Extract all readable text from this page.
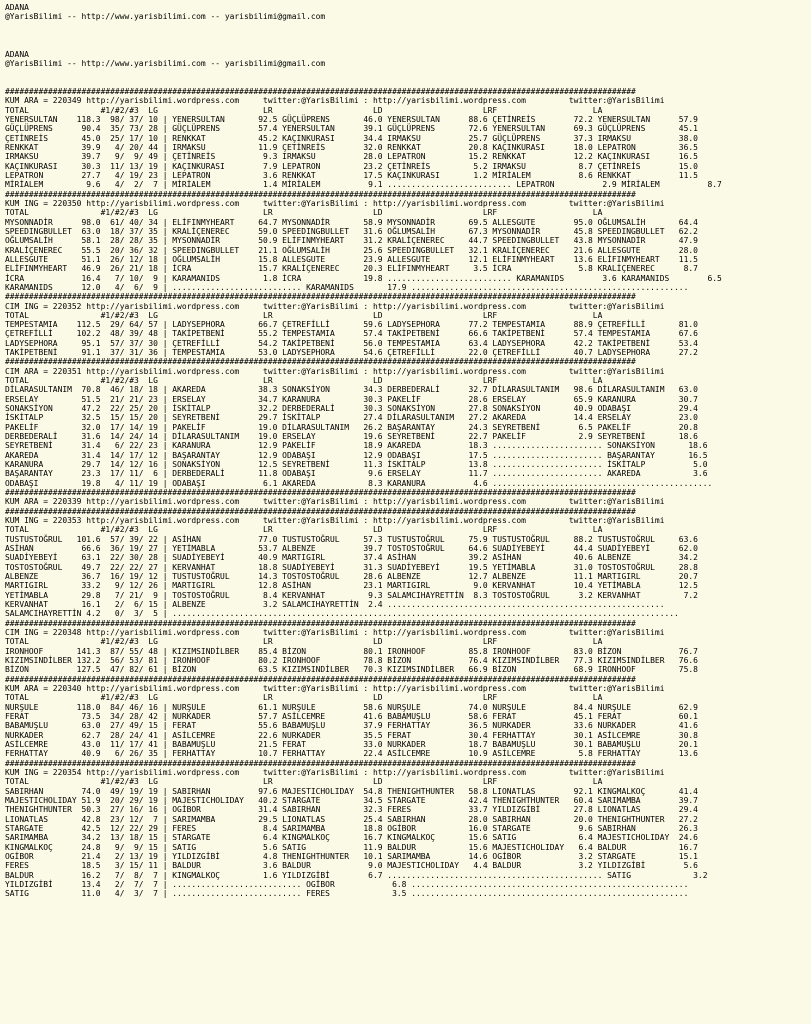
ADANA
@YarisBilimi -- http://www.yarisbilimi.com -- yarisbilimi@gmail.com

ADANA
@YarisBilimi -- http://www.yarisbilimi.com -- yarisbilimi@gmail.com

####################################################################################################################################
KUM ARA = 220349 http://yarisbilimi.wordpress.com     twitter:@YarisBilimi : http://yarisbilimi.wordpress.com         twitter:@YarisBilimi
TOTAL               #1/#2/#3  LG                      LR                     LD                     LRF                    LA
YENERSULTAN    118.3  98/ 37/ 10 | YENERSULTAN       92.5 GÜÇLÜPRENS       46.0 YENERSULTAN      88.6 ÇETİNREİS        72.2 YENERSULTAN      57.9
GÜÇLÜPRENS      90.4  35/ 73/ 28 | GÜÇLÜPRENS        57.4 YENERSULTAN      39.1 GÜÇLÜPRENS       72.6 YENERSULTAN      69.3 GÜÇLÜPRENS       45.1
ÇETİNREİS       45.0  25/ 17/ 10 | RENKKAT           45.2 KAÇINKURASI      34.4 IRMAKSU          25.7 GÜÇLÜPRENS       37.3 IRMAKSU          38.0
RENKKAT         39.9   4/ 20/ 44 | IRMAKSU           11.9 ÇETİNREİS        32.0 RENKKAT          20.8 KAÇINKURASI      18.0 LEPATRON         36.5
IRMAKSU         39.7   9/  9/ 49 | ÇETİNREİS          9.3 IRMAKSU          28.0 LEPATRON         15.2 RENKKAT          12.2 KAÇINKURASI      16.5
KAÇINKURASI     30.3  11/ 13/ 19 | KAÇINKURASI        7.9 LEPATRON         23.2 ÇETİNREİS         5.2 IRMAKSU           8.7 ÇETİNREİS        15.0
LEPATRON        27.7   4/ 19/ 23 | LEPATRON           3.6 RENKKAT          17.5 KAÇINKURASI       1.2 MİRİALEM          8.6 RENKKAT          11.5
MİRİALEM         9.6   4/  2/  7 | MİRİALEM           1.4 MİRİALEM          9.1 .......................... LEPATRON          2.9 MİRİALEM          8.7
####################################################################################################################################
KUM ING = 220350 http://yarisbilimi.wordpress.com     twitter:@YarisBilimi : http://yarisbilimi.wordpress.com         twitter:@YarisBilimi
TOTAL               #1/#2/#3  LG                      LR                     LD                     LRF                    LA
MYSONNADİR      98.0  61/ 40/ 34 | ELİFINMYHEART     64.7 MYSONNADİR       58.9 MYSONNADİR       69.5 ALLESGUTE        95.0 OĞLUMSALİH       64.4
SPEEDINGBULLET  63.0  18/ 37/ 35 | KRALİÇENEREC      59.0 SPEEDINGBULLET   31.6 OĞLUMSALİH       67.3 MYSONNADİR       45.8 SPEEDINGBULLET   62.2
OĞLUMSALİH      58.1  28/ 28/ 35 | MYSONNADİR        50.9 ELİFINMYHEART    31.2 KRALİÇENEREC     44.7 SPEEDINGBULLET   43.8 MYSONNADİR       47.9
KRALİÇENEREC    55.5  20/ 36/ 32 | SPEEDINGBULLET    21.1 OĞLUMSALİH       25.6 SPEEDINGBULLET   32.1 KRALİÇENEREC     21.6 ALLESGUTE        28.0
ALLESGUTE       51.1  26/ 12/ 18 | OĞLUMSALİH        15.8 ALLESGUTE        23.9 ALLESGUTE        12.1 ELİFINMYHEART    13.6 ELİFINMYHEART    11.5
ELİFINMYHEART   46.9  26/ 21/ 18 | İCRA              15.7 KRALİÇENEREC     20.3 ELİFINMYHEART     3.5 İCRA              5.8 KRALİÇENEREC      8.7
İCRA            16.4   7/ 10/  9 | KARAMANIDS         1.8 İCRA             19.8 .......................... KARAMANIDS        3.6 KARAMANIDS        6.5
KARAMANIDS      12.0   4/  6/  9 | ........................... KARAMANIDS       17.9 ..........................................................
####################################################################################################################################
CIM ING = 220352 http://yarisbilimi.wordpress.com     twitter:@YarisBilimi : http://yarisbilimi.wordpress.com         twitter:@YarisBilimi
TOTAL               #1/#2/#3  LG                      LR                     LD                     LRF                    LA
TEMPESTAMIA    112.5  29/ 64/ 57 | LADYSEPHORA       66.7 ÇETREFİLLİ       59.6 LADYSEPHORA      77.2 TEMPESTAMIA      88.9 ÇETREFİLLİ       81.0
ÇETREFİLLİ     102.2  48/ 39/ 48 | TAKİPETBENİ       55.2 TEMPESTAMIA      57.4 TAKİPETBENİ      66.6 TAKİPETBENİ      57.4 TEMPESTAMIA      67.6
LADYSEPHORA     95.1  57/ 37/ 30 | ÇETREFİLLİ        54.2 TAKİPETBENİ      56.0 TEMPESTAMIA      63.4 LADYSEPHORA      42.2 TAKİPETBENİ      53.4
TAKİPETBENİ     91.1  37/ 31/ 36 | TEMPESTAMIA       53.0 LADYSEPHORA      54.6 ÇETREFİLLİ       22.0 ÇETREFİLLİ       40.7 LADYSEPHORA      27.2
####################################################################################################################################
CIM ARA = 220351 http://yarisbilimi.wordpress.com     twitter:@YarisBilimi : http://yarisbilimi.wordpress.com         twitter:@YarisBilimi
TOTAL               #1/#2/#3  LG                      LR                     LD                     LRF                    LA
DİLARASULTANIM  70.8  46/ 18/ 18 | AKAREDA           38.3 SONAKSİYON       34.3 DERBEDERALİ      32.7 DİLARASULTANIM   98.6 DİLARASULTANIM   63.0
ERSELAY         51.5  21/ 21/ 23 | ERSELAY           34.7 KARANURA         30.3 PAKELİF          28.6 ERSELAY          65.9 KARANURA         30.7
SONAKSİYON      47.2  22/ 25/ 20 | İSKİTALP          32.2 DERBEDERALİ      30.3 SONAKSİYON       27.8 SONAKSİYON       40.9 ODABAŞI          29.4
İSKİTALP        32.5  15/ 15/ 20 | SEYRETBENİ        29.7 İSKİTALP         27.4 DİLARASULTANIM   27.2 AKAREDA          14.4 ERSELAY          23.0
PAKELİF         32.0  17/ 14/ 19 | PAKELİF           19.0 DİLARASULTANIM   26.2 BAŞARANTAY       24.3 SEYRETBENİ        6.5 PAKELİF          20.8
DERBEDERALİ     31.6  14/ 24/ 14 | DİLARASULTANIM    19.0 ERSELAY          19.6 SEYRETBENİ       22.7 PAKELİF           2.9 SEYRETBENİ       18.6
SEYRETBENİ      31.4   6/ 22/ 23 | KARANURA          12.9 PAKELİF          18.9 AKAREDA          18.3 ....................... SONAKSİYON       18.6
AKAREDA         31.4  14/ 17/ 12 | BAŞARANTAY        12.9 ODABAŞI          12.9 ODABAŞI          17.5 ....................... BAŞARANTAY       16.5
KARANURA        29.7  14/ 12/ 16 | SONAKSİYON        12.5 SEYRETBENİ       11.3 İSKİTALP         13.8 ....................... İSKİTALP          5.0
BAŞARANTAY      23.3  17/ 11/  6 | DERBEDERALİ       11.8 ODABAŞI           9.6 ERSELAY          11.7 ....................... AKAREDA           3.6
ODABAŞI         19.8   4/ 11/ 19 | ODABAŞI            6.1 AKAREDA           8.3 KARANURA          4.6 ..............................................
####################################################################################################################################
KUM ARA = 220339 http://yarisbilimi.wordpress.com     twitter:@YarisBilimi : http://yarisbilimi.wordpress.com         twitter:@YarisBilimi
####################################################################################################################################
KUM ING = 220353 http://yarisbilimi.wordpress.com     twitter:@YarisBilimi : http://yarisbilimi.wordpress.com         twitter:@YarisBilimi
TOTAL               #1/#2/#3  LG                      LR                     LD                     LRF                    LA
TUSTUSTOĞRUL   101.6  57/ 39/ 22 | ASİHAN            77.0 TUSTUSTOĞRUL     57.3 TUSTUSTOĞRUL     75.9 TUSTUSTOĞRUL     88.2 TUSTUSTOĞRUL     63.6
ASİHAN          66.6  36/ 19/ 27 | YETİMABLA         53.7 ALBENZE          39.7 TOSTOSTOĞRUL     64.6 SUADİYEBEYİ      44.4 SUADİYEBEYİ      62.0
SUADİYEBEYİ     63.1  22/ 30/ 28 | SUADİYEBEYİ       40.9 MARTIGIRL        37.4 ASİHAN           39.2 ASİHAN           40.6 ALBENZE          34.2
TOSTOSTOĞRUL    49.7  22/ 22/ 27 | KERVANHAT         18.8 SUADİYEBEYİ      31.3 SUADİYEBEYİ      19.5 YETİMABLA        31.0 TOSTOSTOĞRUL     28.8
ALBENZE         36.7  16/ 19/ 12 | TUSTUSTOĞRUL      14.3 TOSTOSTOĞRUL     28.6 ALBENZE          12.7 ALBENZE          11.1 MARTIGIRL        20.7
MARTIGIRL       33.2   9/ 12/ 26 | MARTIGIRL         12.8 ASİHAN           23.1 MARTIGIRL         9.0 KERVANHAT        10.4 YETİMABLA        12.5
YETİMABLA       29.8   7/ 21/  9 | TOSTOSTOĞRUL       8.4 KERVANHAT         9.3 SALAMCIHAYRETTİN  8.3 TOSTOSTOĞRUL      3.2 KERVANHAT         7.2
KERVANHAT       16.1   2/  6/ 15 | ALBENZE            3.2 SALAMCIHAYRETTİN  2.4 ..........................................................
SALAMCIHAYRETTİN 4.2   0/  3/  5 | ..........................................................................................................
####################################################################################################################################
CIM ING = 220348 http://yarisbilimi.wordpress.com     twitter:@YarisBilimi : http://yarisbilimi.wordpress.com         twitter:@YarisBilimi
TOTAL               #1/#2/#3  LG                      LR                     LD                     LRF                    LA
IRONHOOF       141.3  87/ 55/ 48 | KIZIMSINDİLBER    85.4 BİZON            80.1 IRONHOOF         85.8 IRONHOOF         83.0 BİZON            76.7
KIZIMSINDİLBER 132.2  56/ 53/ 81 | IRONHOOF          80.2 IRONHOOF         78.8 BİZON            76.4 KIZIMSINDİLBER   77.3 KIZIMSINDİLBER   76.6
BİZON          127.5  47/ 82/ 61 | BİZON             63.5 KIZIMSINDİLBER   70.3 KIZIMSINDİLBER   66.9 BİZON            68.9 IRONHOOF         75.8
####################################################################################################################################
KUM ARA = 220340 http://yarisbilimi.wordpress.com     twitter:@YarisBilimi : http://yarisbilimi.wordpress.com         twitter:@YarisBilimi
TOTAL               #1/#2/#3  LG                      LR                     LD                     LRF                    LA
NURŞULE        118.0  84/ 46/ 16 | NURŞULE           61.1 NURŞULE          58.6 NURŞULE          74.0 NURŞULE          84.4 NURŞULE          62.9
FERAT           73.5  34/ 28/ 42 | NURKADER          57.7 ASİLCEMRE        41.6 BABAMUŞLU        58.6 FERAT            45.1 FERAT            60.1
BABAMUŞLU       63.0  27/ 49/ 15 | FERAT             55.6 BABAMUŞLU        37.9 FERHATTAY        36.5 NURKADER         33.6 NURKADER         41.6
NURKADER        62.7  28/ 24/ 41 | ASİLCEMRE         22.6 NURKADER         35.5 FERAT            30.4 FERHATTAY        30.1 ASİLCEMRE        30.8
ASİLCEMRE       43.0  11/ 17/ 41 | BABAMUŞLU         21.5 FERAT            33.0 NURKADER         18.7 BABAMUŞLU        30.1 BABAMUŞLU        20.1
FERHATTAY       40.9   6/ 26/ 35 | FERHATTAY         10.7 FERHATTAY        22.4 ASİLCEMRE        10.9 ASİLCEMRE         5.8 FERHATTAY        13.6
####################################################################################################################################
KUM ING = 220354 http://yarisbilimi.wordpress.com     twitter:@YarisBilimi : http://yarisbilimi.wordpress.com         twitter:@YarisBilimi
TOTAL               #1/#2/#3  LG                      LR                     LD                     LRF                    LA
SABIRHAN        74.0  49/ 19/ 19 | SABIRHAN          97.6 MAJESTICHOLIDAY  54.8 THENIGHTHUNTER   58.8 LIONATLAS        92.1 KINGMALKOÇ       41.4
MAJESTICHOLIDAY 51.9  20/ 29/ 19 | MAJESTICHOLIDAY   40.2 STARGATE         34.5 STARGATE         42.4 THENIGHTHUNTER   60.4 SARIMAMBA        39.7
THENIGHTHUNTER  50.3  27/ 16/ 16 | OGİBOR            31.4 SABIRHAN         32.3 FERES            33.7 YILDIZGİBİ       27.8 LIONATLAS        29.4
LIONATLAS       42.8  23/ 12/  7 | SARIMAMBA         29.5 LIONATLAS        25.4 SABIRHAN         28.0 SABIRHAN         20.0 THENIGHTHUNTER   27.2
STARGATE        42.5  12/ 22/ 29 | FERES              8.4 SARIMAMBA        18.8 OGİBOR           16.0 STARGATE          9.6 SABIRHAN         26.3
SARIMAMBA       34.2  13/ 18/ 15 | STARGATE           6.4 KINGMALKOÇ       16.7 KINGMALKOÇ       15.6 SATIG             6.4 MAJESTICHOLIDAY  24.6
KINGMALKOÇ      24.8   9/  9/ 15 | SATIG              5.6 SATIG            11.9 BALDUR           15.6 MAJESTICHOLIDAY   6.4 BALDUR           16.7
OGİBOR          21.4   2/ 13/ 19 | YILDIZGİBİ         4.8 THENIGHTHUNTER   10.1 SARIMAMBA        14.6 OGİBOR            3.2 STARGATE         15.1
FERES           18.5   3/ 15/ 11 | BALDUR             3.6 BALDUR            9.0 MAJESTICHOLIDAY   4.4 BALDUR            3.2 YILDIZGİBİ        5.6
BALDUR          16.2   7/  8/  7 | KINGMALKOÇ         1.6 YILDIZGİBİ        6.7 ............................................. SATIG             3.2
YILDIZGİBİ      13.4   2/  7/  7 | ........................... OGİBOR            6.8 ..........................................................
SATIG           11.0   4/  3/  7 | ........................... FERES             3.5 ..........................................................
